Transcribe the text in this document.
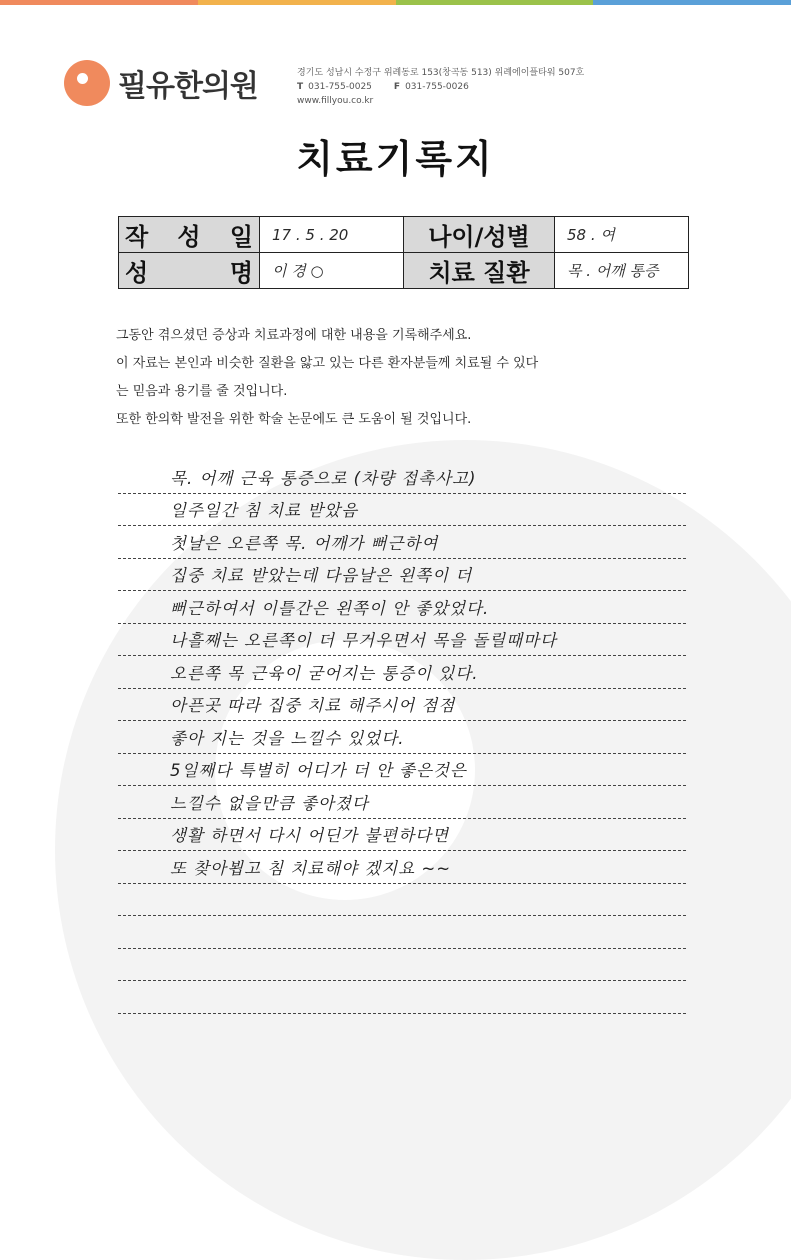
필유한의원	경기도 성남시 수정구 위례동로 153(창곡동 513) 위례에이플타워 507호
T 031-755-0025 F 031-755-0026
www.fillyou.co.kr
치료기록지
작 성 일	17 . 5 . 20	나이/성별	58 . 여

성 명	이 경 ○	치료 질환	목 . 어깨 통증
그동안 겪으셨던 증상과 치료과정에 대한 내용을 기록해주세요.
이 자료는 본인과 비슷한 질환을 앓고 있는 다른 환자분들께 치료될 수 있다
는 믿음과 용기를 줄 것입니다.
또한 한의학 발전을 위한 학술 논문에도 큰 도움이 될 것입니다.
목. 어깨 근육 통증으로 (차량 접촉사고)
일주일간 침 치료 받았음
첫날은 오른쪽 목. 어깨가 뻐근하여
집중 치료 받았는데 다음날은 왼쪽이 더
뻐근하여서 이틀간은 왼쪽이 안 좋았었다.
나흘째는 오른쪽이 더 무거우면서 목을 돌릴때마다
오른쪽 목 근육이 굳어지는 통증이 있다.
아픈곳 따라 집중 치료 해주시어 점점
좋아 지는 것을 느낄수 있었다.
5일째다 특별히 어디가 더 안 좋은것은
느낄수 없을만큼 좋아졌다
생활 하면서 다시 어딘가 불편하다면
또 찾아뵙고 침 치료해야 겠지요 ~~
